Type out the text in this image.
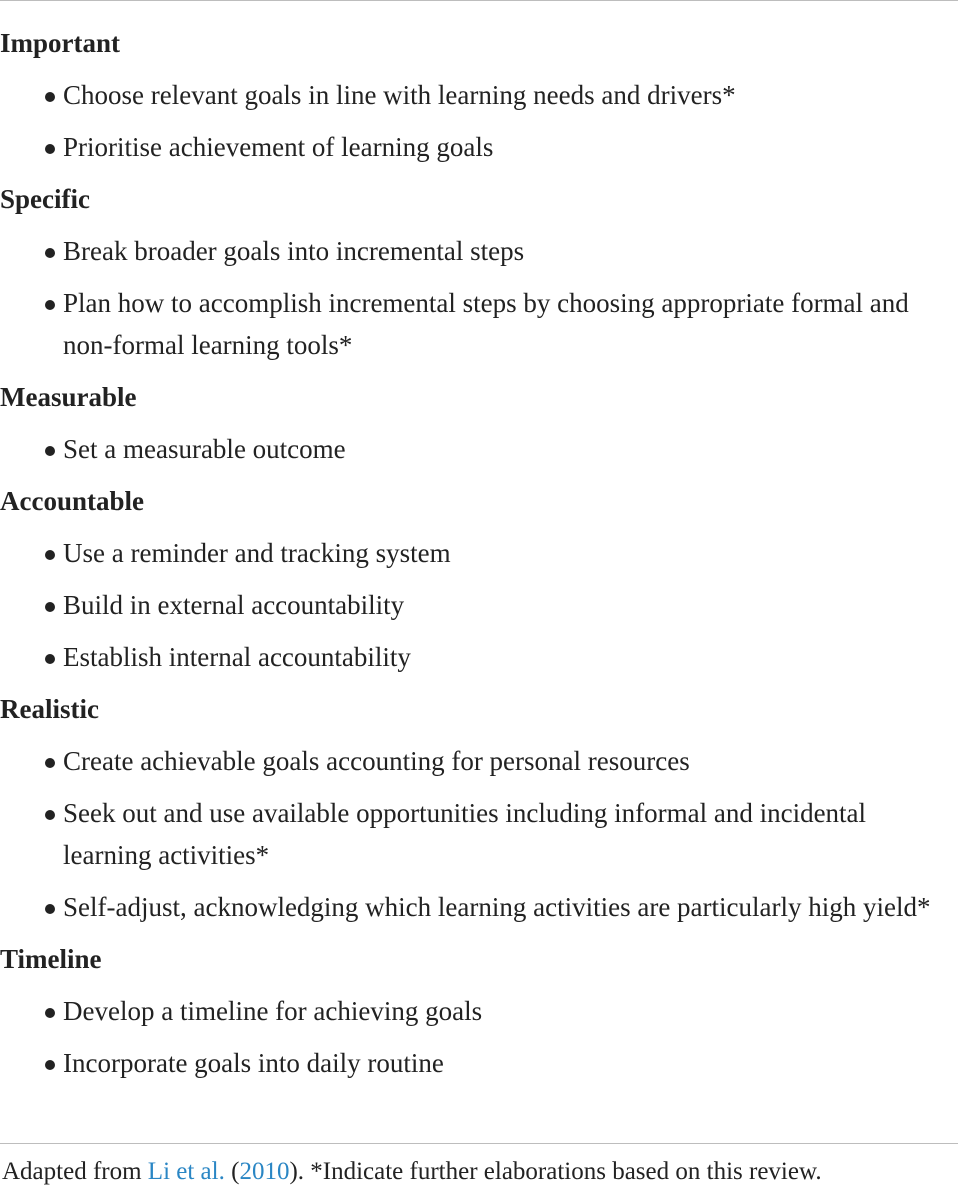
Important
Choose relevant goals in line with learning needs and drivers*
Prioritise achievement of learning goals
Specific
Break broader goals into incremental steps
Plan how to accomplish incremental steps by choosing appropriate formal and non-formal learning tools*
Measurable
Set a measurable outcome
Accountable
Use a reminder and tracking system
Build in external accountability
Establish internal accountability
Realistic
Create achievable goals accounting for personal resources
Seek out and use available opportunities including informal and incidental learning activities*
Self-adjust, acknowledging which learning activities are particularly high yield*
Timeline
Develop a timeline for achieving goals
Incorporate goals into daily routine
Adapted from Li et al. (2010). *Indicate further elaborations based on this review.
